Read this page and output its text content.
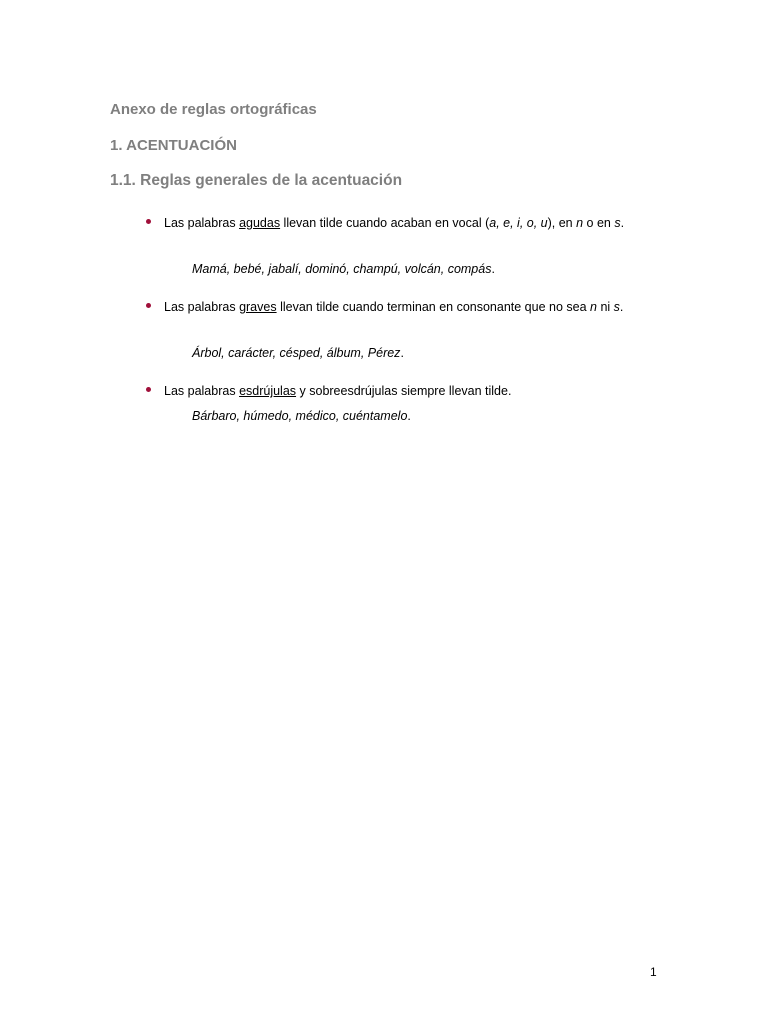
Anexo de reglas ortográficas
1. ACENTUACIÓN
1.1. Reglas generales de la acentuación
Las palabras agudas llevan tilde cuando acaban en vocal (a, e, i, o, u), en n o en s.
Mamá, bebé, jabalí, dominó, champú, volcán, compás.
Las palabras graves llevan tilde cuando terminan en consonante que no sea n ni s.
Árbol, carácter, césped, álbum, Pérez.
Las palabras esdrújulas y sobreesdrújulas siempre llevan tilde.
Bárbaro, húmedo, médico, cuéntamelo.
1
